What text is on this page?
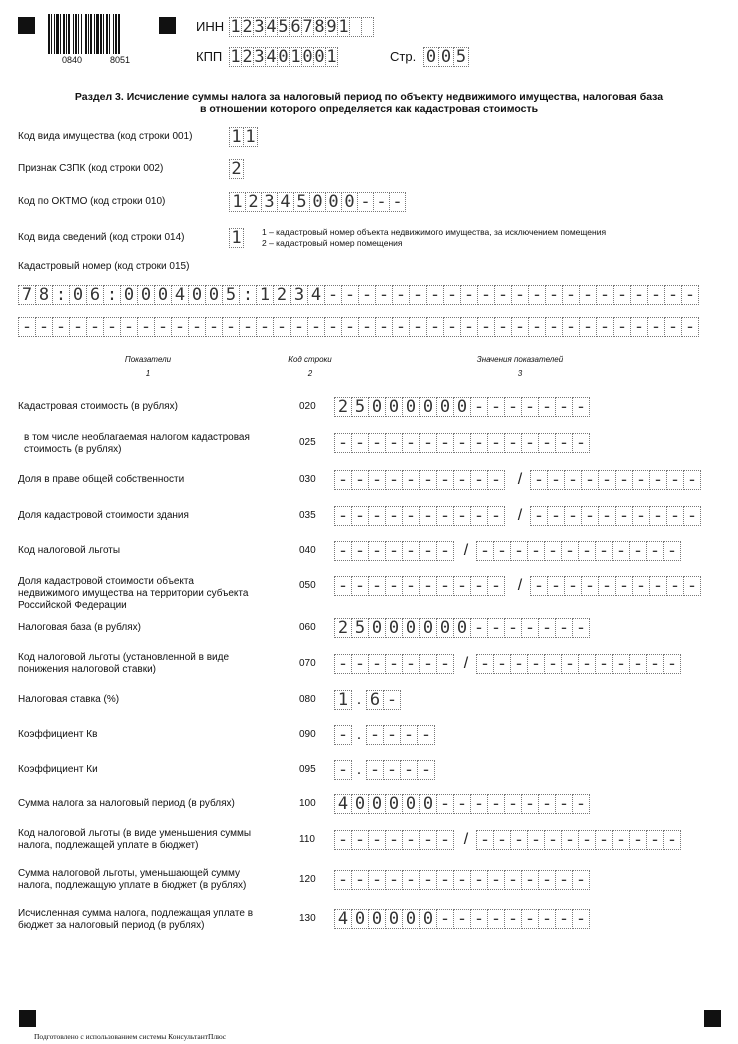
0840	8051
ИНН 1 2 3 4 5 6 7 8 9 1
КПП 1 2 3 4 0 1 0 0 1	Стр. 0 0 5
Раздел 3. Исчисление суммы налога за налоговый период по объекту недвижимого имущества, налоговая база
в отношении которого определяется как кадастровая стоимость
Код вида имущества (код строки 001) 1 1
Признак СЗПК (код строки 002)	2
Код по ОКТМО (код строки 010)	1 2 3 4 5 0 0 0 - - -
Код вида сведений (код строки 014)	1 1 – кадастровый номер объекта недвижимого имущества, за исключением помещения
2 – кадастровый номер помещения
Кадастровый номер (код строки 015)
7 8 : 0 6 : 0 0 0 4 0 0 5 : 1 2 3 4 - - - - - - - - - - - - - - - - - - - - - -
- - - - - - - - - - - - - - - - - - - - - - - - - - - - - - - - - - - - - - - -
Показатели
1
Код строки
2
Значения показателей
3
Кадастровая стоимость (в рублях)	020 2 5 0 0 0 0 0 0 - - - - - - -
в том числе необлагаемая налогом кадастровая
стоимость (в рублях)
025 - - - - - - - - - - - - - - -
Доля в праве общей собственности	030 - - - - - - - - - -	/ - - - - - - - - - -
Доля кадастровой стоимости здания	035 - - - - - - - - - -	/ - - - - - - - - - -
Код налоговой льготы	040 - - - - - - - / - - - - - - - - - - - -
Доля кадастровой стоимости объекта
недвижимого имущества на территории субъекта
Российской Федерации
050 - - - - - - - - - -	/ - - - - - - - - - -
Налоговая база (в рублях)	060 2 5 0 0 0 0 0 0 - - - - - - -
Код налоговой льготы (установленной в виде
понижения налоговой ставки)
070 - - - - - - - / - - - - - - - - - - - -
Налоговая ставка (%)	080 1 . 6 -
Коэффициент Кв	090 - . - - - -
Коэффициент Ки	095 - . - - - -
Сумма налога за налоговый период (в рублях)	100 4 0 0 0 0 0 - - - - - - - - -
Код налоговой льготы (в виде уменьшения суммы
налога, подлежащей уплате в бюджет)
110 - - - - - - - / - - - - - - - - - - - -
Сумма налоговой льготы, уменьшающей сумму
налога, подлежащую уплате в бюджет (в рублях)
120 - - - - - - - - - - - - - - -
Исчисленная сумма налога, подлежащая уплате в
бюджет за налоговый период (в рублях)
130 4 0 0 0 0 0 - - - - - - - - -
Подготовлено с использованием системы КонсультантПлюс
